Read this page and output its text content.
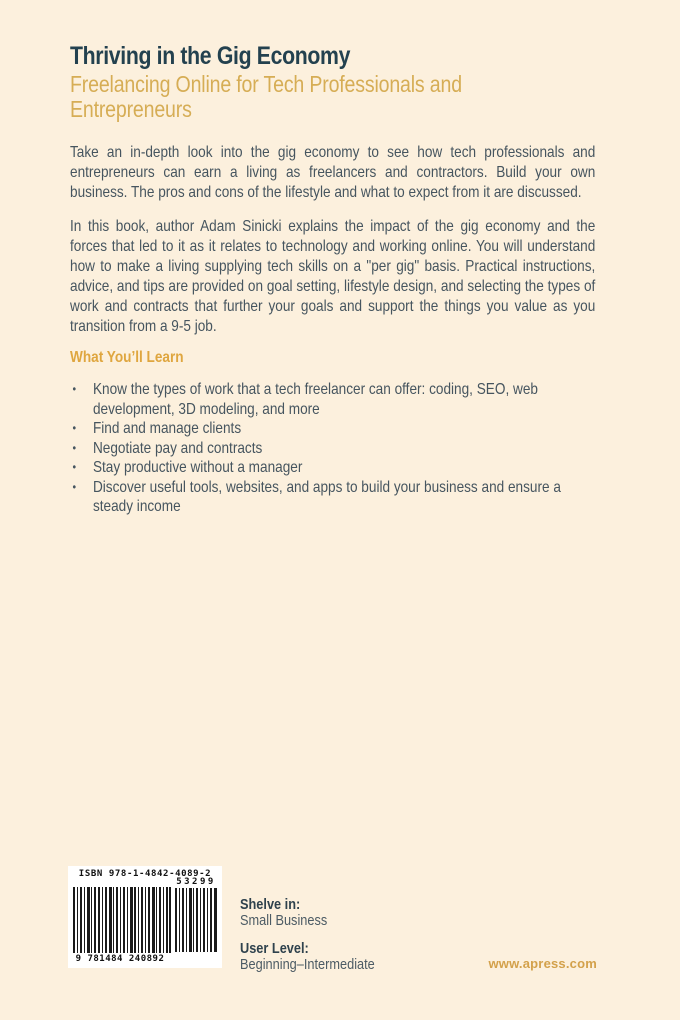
Thriving in the Gig Economy
Freelancing Online for Tech Professionals and Entrepreneurs

Take an in-depth look into the gig economy to see how tech professionals and entrepreneurs can earn a living as freelancers and contractors. Build your own business. The pros and cons of the lifestyle and what to expect from it are discussed.

In this book, author Adam Sinicki explains the impact of the gig economy and the forces that led to it as it relates to technology and working online. You will understand how to make a living supplying tech skills on a "per gig" basis. Practical instructions, advice, and tips are provided on goal setting, lifestyle design, and selecting the types of work and contracts that further your goals and support the things you value as you transition from a 9-5 job.

What You’ll Learn
• Know the types of work that a tech freelancer can offer: coding, SEO, web development, 3D modeling, and more
• Find and manage clients
• Negotiate pay and contracts
• Stay productive without a manager
• Discover useful tools, websites, and apps to build your business and ensure a steady income
ISBN 978-1-4842-4089-2
9 781484 240892
53299
Shelve in:
Small Business
User Level:
Beginning–Intermediate	www.apress.com
